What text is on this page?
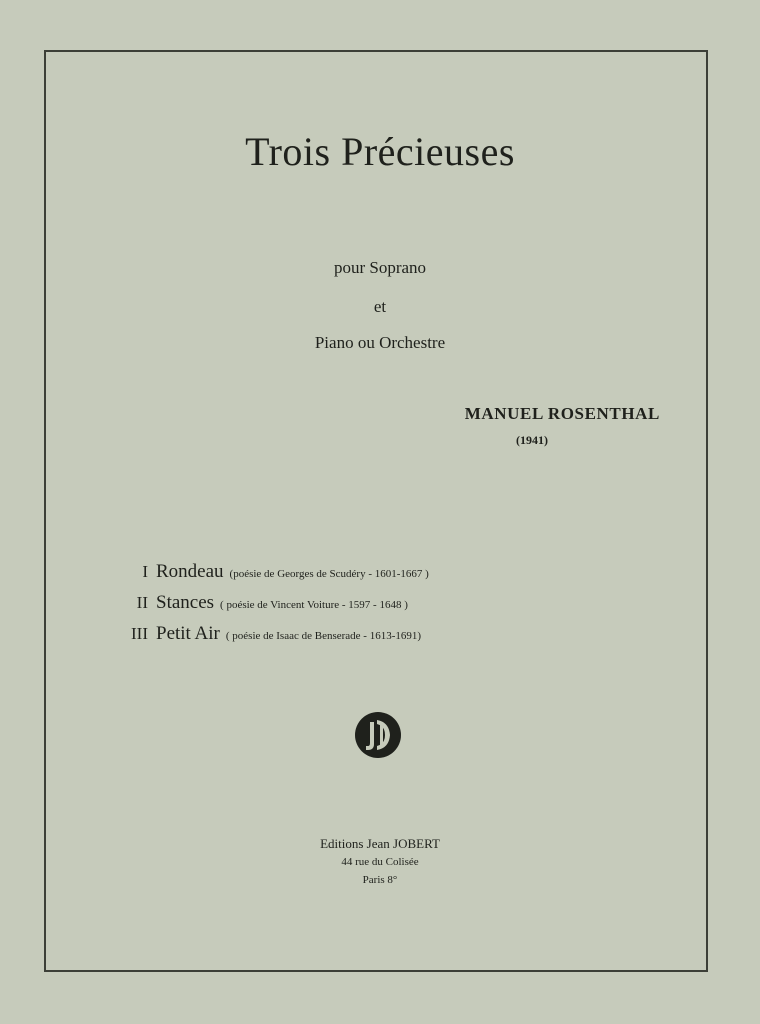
Trois Précieuses
pour Soprano
et
Piano ou Orchestre
MANUEL ROSENTHAL
(1941)
I Rondeau (poésie de Georges de Scudéry - 1601-1667 )
II Stances ( poésie de Vincent Voiture - 1597 - 1648 )
III Petit Air ( poésie de Isaac de Benserade - 1613-1691)
Editions Jean JOBERT
44 rue du Colisée
Paris 8°
